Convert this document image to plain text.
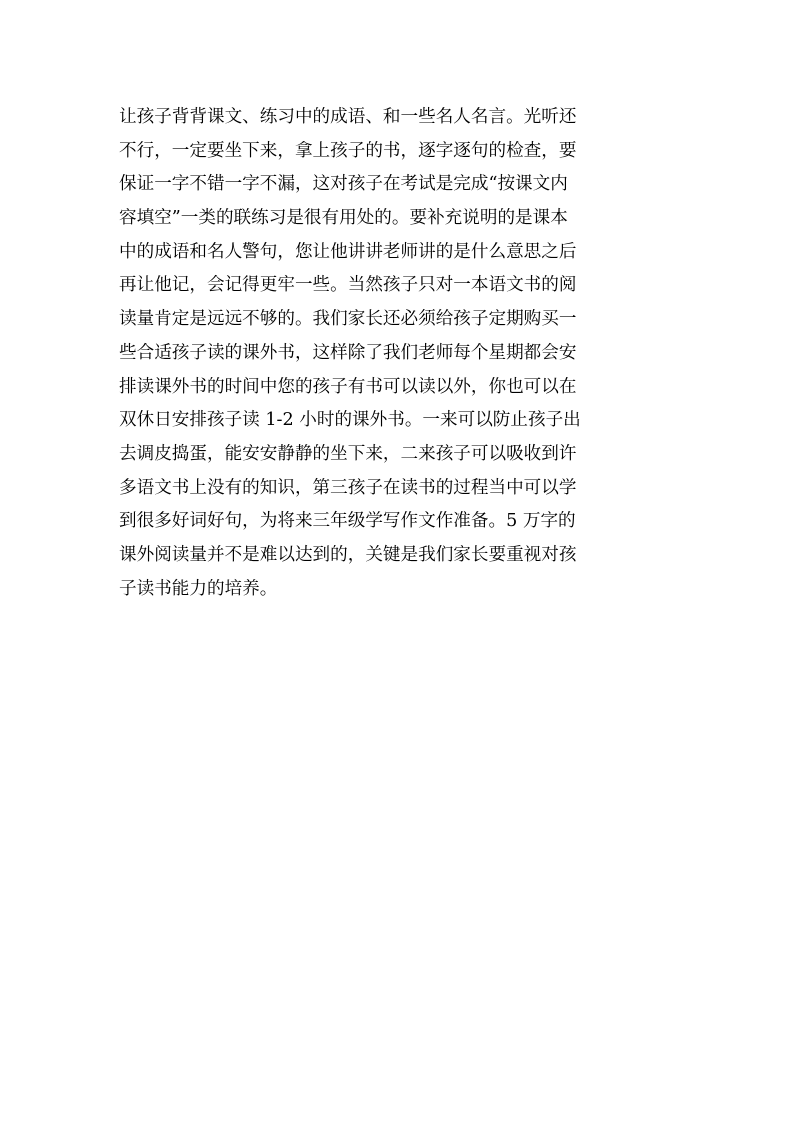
让孩子背背课文、练习中的成语、和一些名人名言。光听还
不行，一定要坐下来，拿上孩子的书，逐字逐句的检查，要
保证一字不错一字不漏，这对孩子在考试是完成“按课文内
容填空”一类的联练习是很有用处的。要补充说明的是课本
中的成语和名人警句，您让他讲讲老师讲的是什么意思之后
再让他记，会记得更牢一些。当然孩子只对一本语文书的阅
读量肯定是远远不够的。我们家长还必须给孩子定期购买一
些合适孩子读的课外书，这样除了我们老师每个星期都会安
排读课外书的时间中您的孩子有书可以读以外，你也可以在
双休日安排孩子读 1-2 小时的课外书。一来可以防止孩子出
去调皮捣蛋，能安安静静的坐下来，二来孩子可以吸收到许
多语文书上没有的知识，第三孩子在读书的过程当中可以学
到很多好词好句，为将来三年级学写作文作准备。5 万字的
课外阅读量并不是难以达到的，关键是我们家长要重视对孩
子读书能力的培养。
